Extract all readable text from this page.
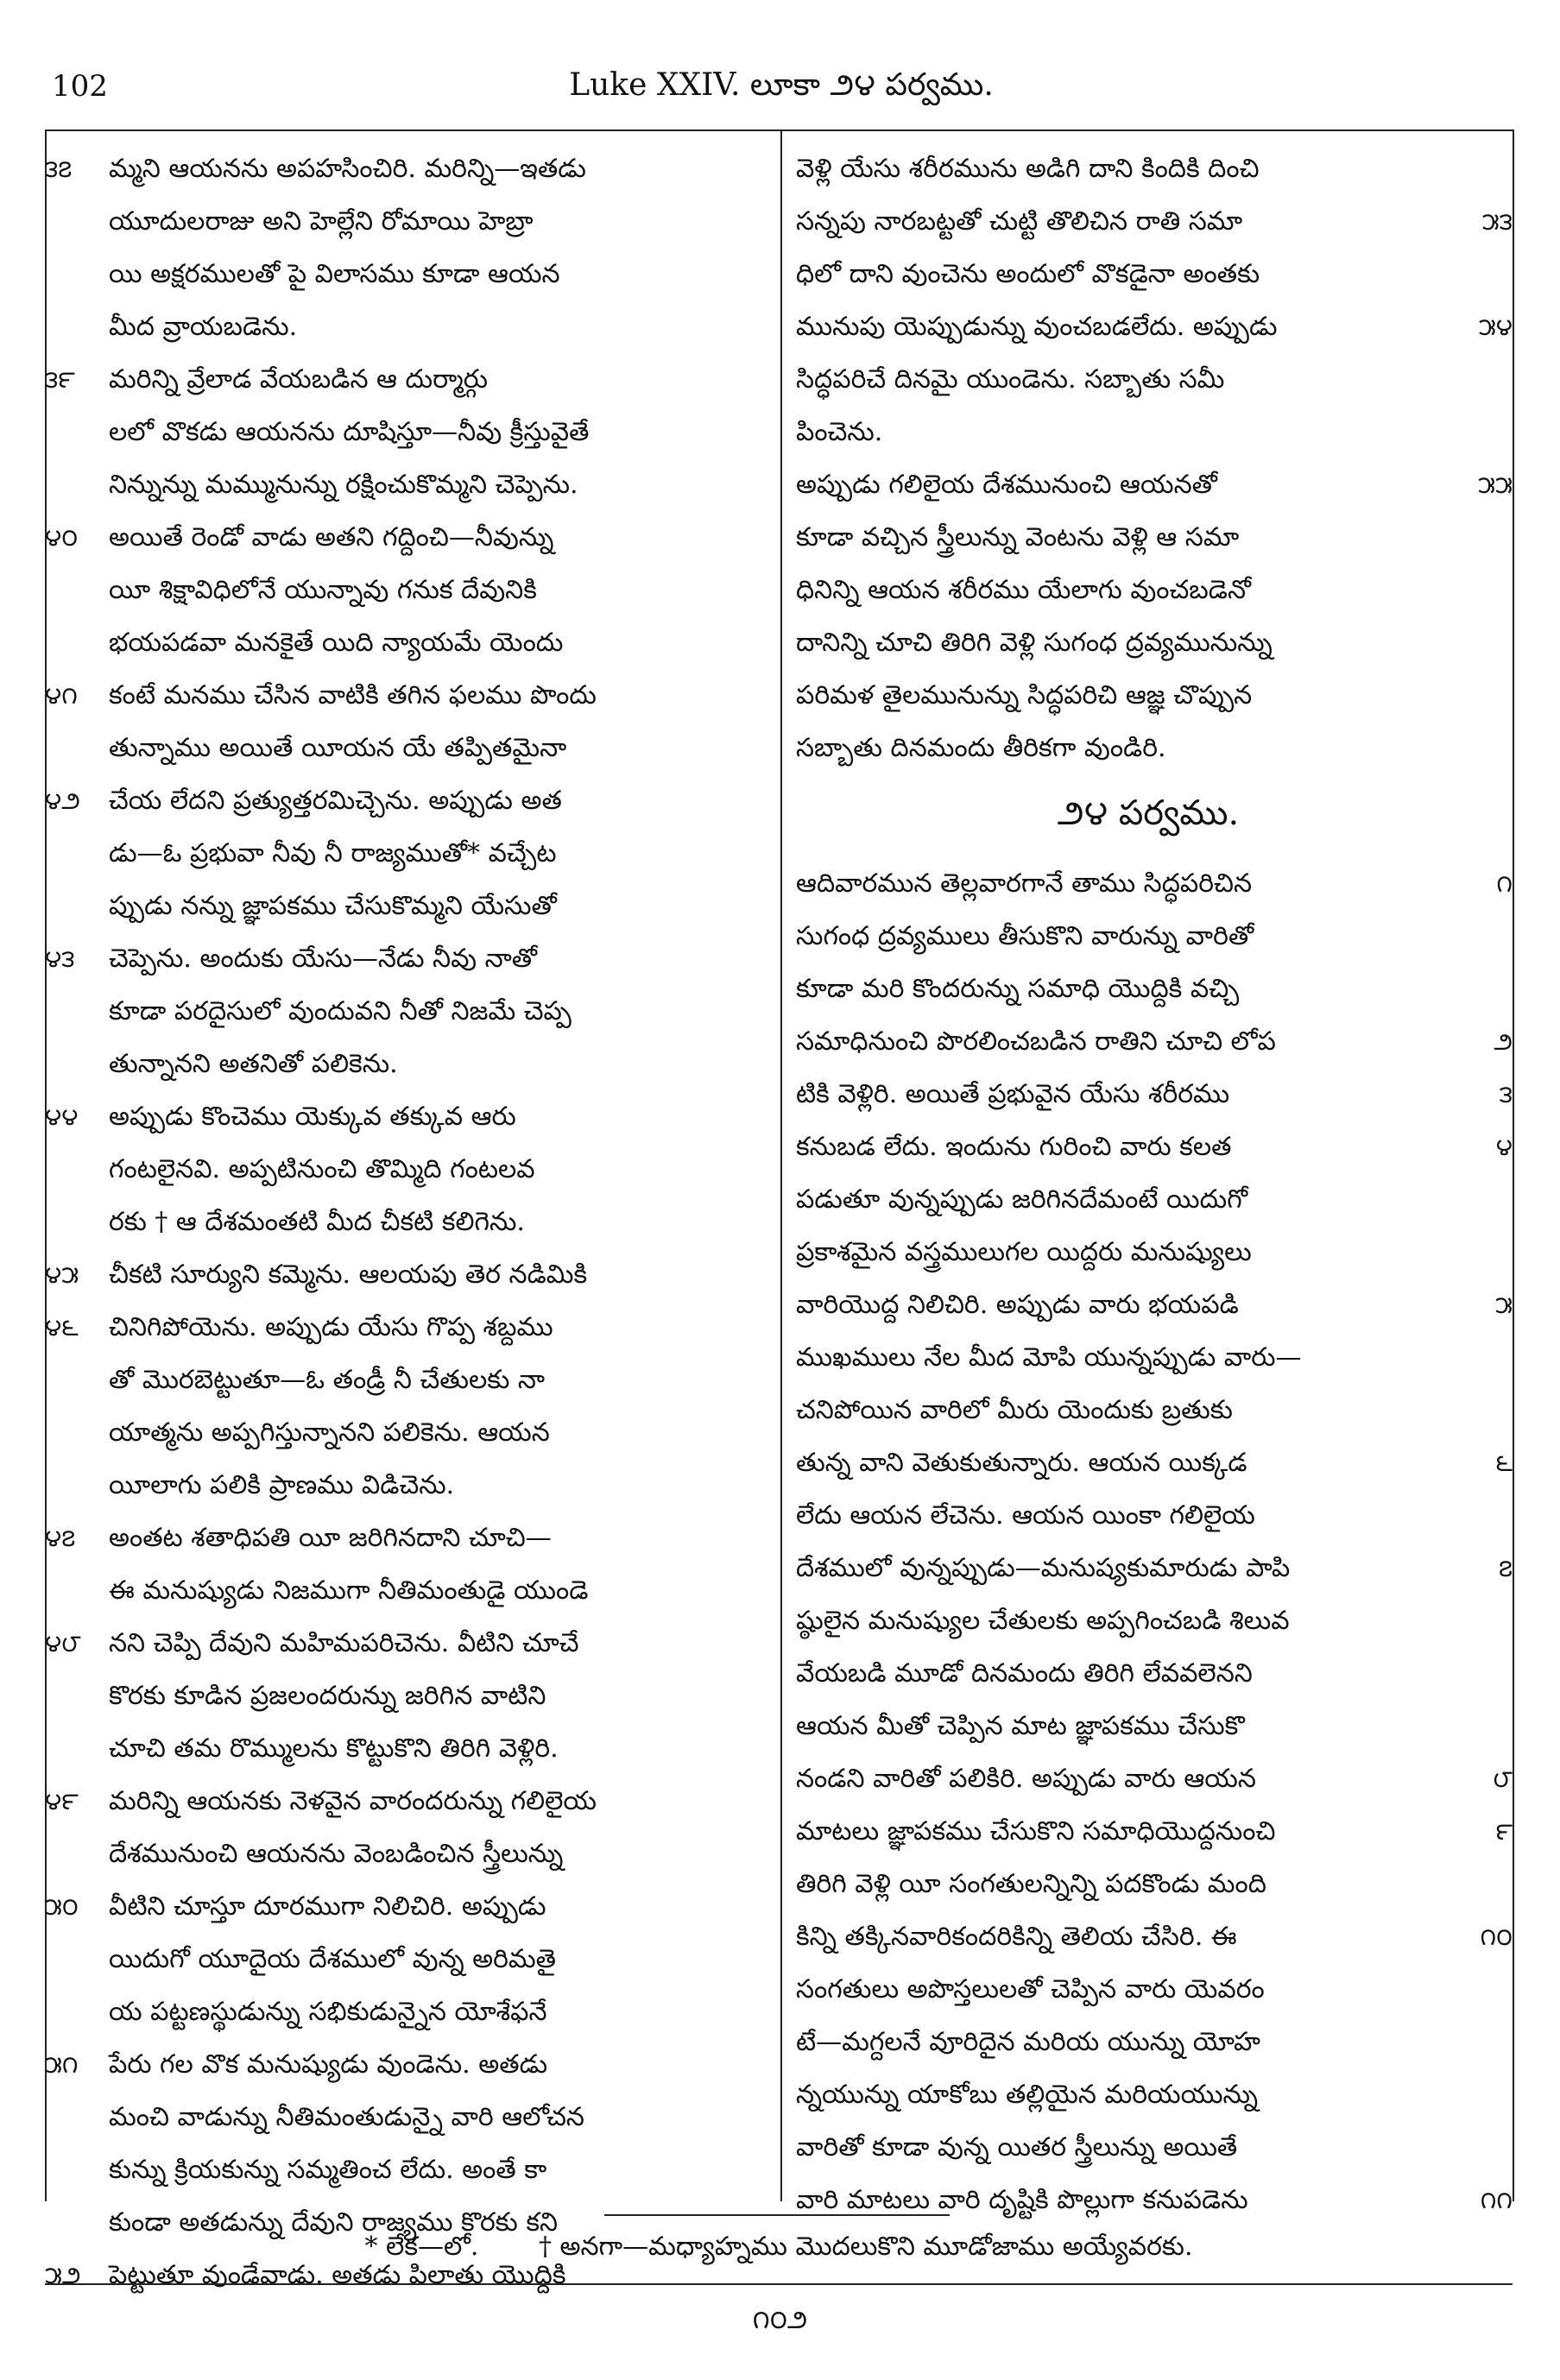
102	Luke XXIV. లూకా ౨౪ పర్వము.
౩౭	మ్మని ఆయనను అపహసించిరి. మరిన్ని—ఇతడు
యూదులరాజు అని హెల్లేని రోమాయి హెబ్రా
యి అక్షరములతో పై విలాసము కూడా ఆయన
మీద వ్రాయబడెను.
౩౯	మరిన్ని వ్రేలాడ వేయబడిన ఆ దుర్మార్గు
లలో వొకడు ఆయనను దూషిస్తూ—నీవు క్రీస్తువైతే
నిన్నున్ను మమ్మునున్ను రక్షించుకొమ్మని చెప్పెను.
౪౦	అయితే రెండో వాడు అతని గద్దించి—నీవున్ను
యీ శిక్షావిధిలోనే యున్నావు గనుక దేవునికి
భయపడవా మనకైతే యిది న్యాయమే యెందు
౪౧	కంటే మనము చేసిన వాటికి తగిన ఫలము పొందు
తున్నాము అయితే యీయన యే తప్పితమైనా
౪౨	చేయ లేదని ప్రత్యుత్తరమిచ్చెను. అప్పుడు అత
డు—ఓ ప్రభువా నీవు నీ రాజ్యముతో* వచ్చేట
ప్పుడు నన్ను జ్ఞాపకము చేసుకొమ్మని యేసుతో
౪౩	చెప్పెను. అందుకు యేసు—నేడు నీవు నాతో
కూడా పరదైసులో వుందువని నీతో నిజమే చెప్ప
తున్నానని అతనితో పలికెను.
౪౪	అప్పుడు కొంచెము యెక్కువ తక్కువ ఆరు
గంటలైనవి. అప్పటినుంచి తొమ్మిది గంటలవ
రకు † ఆ దేశమంతటి మీద చీకటి కలిగెను.
౪౫	చీకటి సూర్యుని కమ్మెను. ఆలయపు తెర నడిమికి
౪౬	చినిగిపోయెను. అప్పుడు యేసు గొప్ప శబ్దము
తో మొరబెట్టుతూ—ఓ తండ్రీ నీ చేతులకు నా
యాత్మను అప్పగిస్తున్నానని పలికెను. ఆయన
యీలాగు పలికి ప్రాణము విడిచెను.
౪౭	అంతట శతాధిపతి యీ జరిగినదాని చూచి—
ఈ మనుష్యుడు నిజముగా నీతిమంతుడై యుండె
౪౮	నని చెప్పి దేవుని మహిమపరిచెను. వీటిని చూచే
కొరకు కూడిన ప్రజలందరున్ను జరిగిన వాటిని
చూచి తమ రొమ్ములను కొట్టుకొని తిరిగి వెళ్లిరి.
౪౯	మరిన్ని ఆయనకు నెళవైన వారందరున్ను గలిలైయ
దేశమునుంచి ఆయనను వెంబడించిన స్త్రీలున్ను
౫౦	వీటిని చూస్తూ దూరముగా నిలిచిరి. అప్పుడు
యిదుగో యూదైయ దేశములో వున్న అరిమతై
య పట్టణస్థుడున్ను సభికుడున్నైన యోశేఫనే
౫౧	పేరు గల వొక మనుష్యుడు వుండెను. అతడు
మంచి వాడున్ను నీతిమంతుడున్నై వారి ఆలోచన
కున్ను క్రియకున్ను సమ్మతించ లేదు. అంతే కా
కుండా అతడున్ను దేవుని రాజ్యము కొరకు కని
౫౨	పెట్టుతూ వుండేవాడు. అతడు పిలాతు యొద్దికి
వెళ్లి యేసు శరీరమును అడిగి దాని కిందికి దించి
౫౩
సన్నపు నారబట్టతో చుట్టి తొలిచిన రాతి సమా
ధిలో దాని వుంచెను అందులో వొకడైనా అంతకు
౫౪
మునుపు యెప్పుడున్ను వుంచబడలేదు. అప్పుడు
సిద్ధపరిచే దినమై యుండెను. సబ్బాతు సమీ
పించెను.
౫౫
అప్పుడు గలిలైయ దేశమునుంచి ఆయనతో
కూడా వచ్చిన స్త్రీలున్ను వెంటను వెళ్లి ఆ సమా
ధినిన్ని ఆయన శరీరము యేలాగు వుంచబడెనో
దానిన్ని చూచి తిరిగి వెళ్లి సుగంధ ద్రవ్యమునున్ను
పరిమళ తైలమునున్ను సిద్ధపరిచి ఆజ్ఞ చొప్పున
సబ్బాతు దినమందు తీరికగా వుండిరి.
౨౪ పర్వము.
౧
ఆదివారమున తెల్లవారగానే తాము సిద్ధపరిచిన
సుగంధ ద్రవ్యములు తీసుకొని వారున్ను వారితో
కూడా మరి కొందరున్ను సమాధి యొద్దికి వచ్చి
౨
సమాధినుంచి పొరలించబడిన రాతిని చూచి లోప
౩
టికి వెళ్లిరి. అయితే ప్రభువైన యేసు శరీరము
౪
కనుబడ లేదు. ఇందును గురించి వారు కలత
పడుతూ వున్నప్పుడు జరిగినదేమంటే యిదుగో
ప్రకాశమైన వస్త్రములుగల యిద్దరు మనుష్యులు
౫
వారియొద్ద నిలిచిరి. అప్పుడు వారు భయపడి
ముఖములు నేల మీద మోపి యున్నప్పుడు వారు—
చనిపోయిన వారిలో మీరు యెందుకు బ్రతుకు
౬
తున్న వాని వెతుకుతున్నారు. ఆయన యిక్కడ
లేదు ఆయన లేచెను. ఆయన యింకా గలిలైయ
౭
దేశములో వున్నప్పుడు—మనుష్యకుమారుడు పాపి
ష్ఠులైన మనుష్యుల చేతులకు అప్పగించబడి శిలువ
వేయబడి మూడో దినమందు తిరిగి లేవవలెనని
ఆయన మీతో చెప్పిన మాట జ్ఞాపకము చేసుకొ
౮
నండని వారితో పలికిరి. అప్పుడు వారు ఆయన
౯
మాటలు జ్ఞాపకము చేసుకొని సమాధియొద్దనుంచి
తిరిగి వెళ్లి యీ సంగతులన్నిన్ని పదకొండు మంది
౧౦
కిన్ని తక్కినవారికందరికిన్ని తెలియ చేసిరి. ఈ
సంగతులు అపొస్తలులతో చెప్పిన వారు యెవరం
టే—మగ్దలనే వూరిదైన మరియ యున్ను యోహ
న్నయున్ను యాకోబు తల్లియైన మరియయున్ను
వారితో కూడా వున్న యితర స్త్రీలున్ను అయితే
౧౧
వారి మాటలు వారి దృష్టికి పొల్లుగా కనుపడెను
* లేక—లో. † అనగా—మధ్యాహ్నము మొదలుకొని మూడోజాము అయ్యేవరకు.
౧౦౨
